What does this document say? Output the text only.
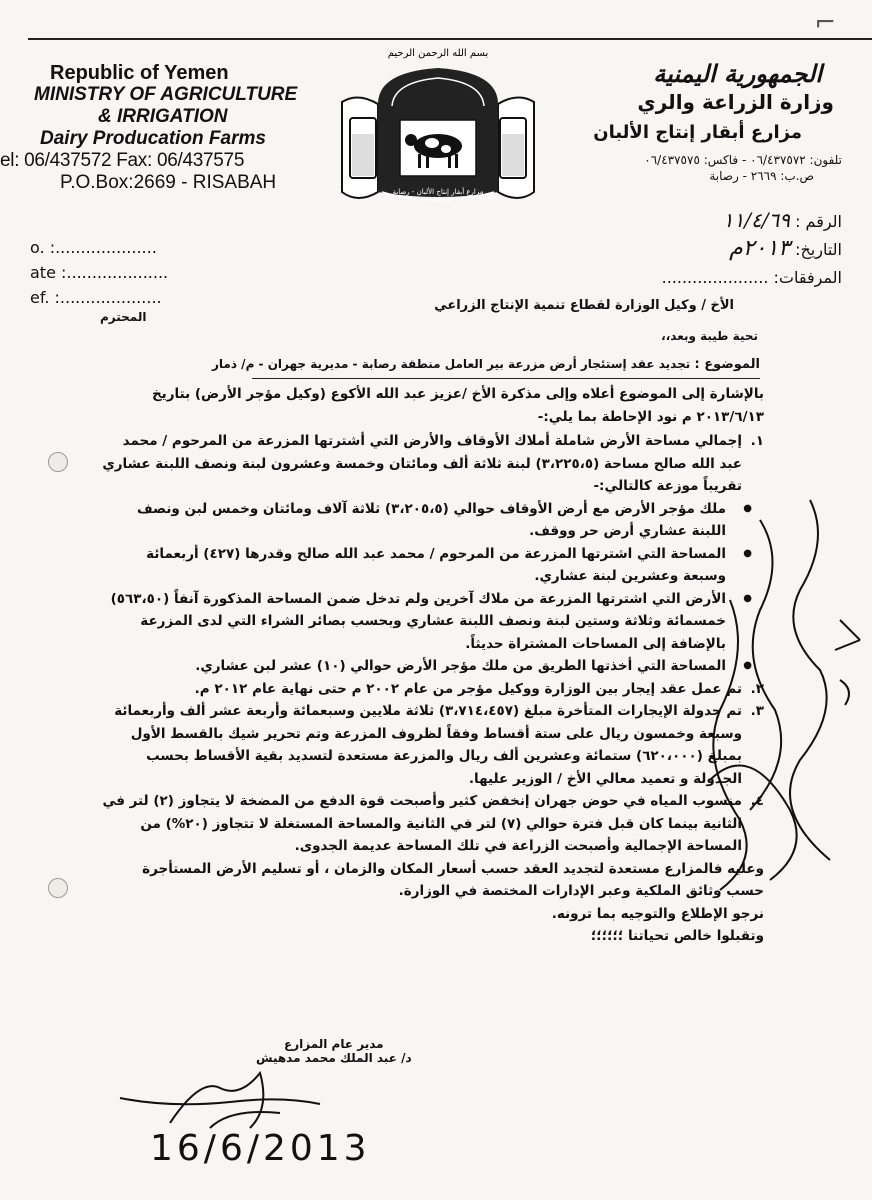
⌐
Republic of Yemen
MINISTRY OF AGRICULTURE
& IRRIGATION
Dairy Producation Farms
el: 06/437572 Fax: 06/437575
P.O.Box:2669 - RISABAH
بسم الله الرحمن الرحيم
مزارع أبقار إنتاج الألبان - رصابة
الجمهورية اليمنية
وزارة الزراعة والري
مزارع أبقار إنتاج الألبان
تلفون: ٠٦/٤٣٧٥٧٢ - فاكس: ٠٦/٤٣٧٥٧٥
ص.ب: ٢٦٦٩ - رصابة
o. :....................
ate :....................
ef. :....................
الرقم : ١١/٤/٦٩
التاريخ: ٢٠١٣م
المرفقات: .....................
الأخ / وكيل الوزارة لقطاع تنمية الإنتاج الزراعي
المحترم
تحية طيبة وبعد،،
الموضوع : تجديد عقد إستئجار أرض مزرعة بير العامل منطقة رصابة - مديرية جهران - م/ ذمار

بالإشارة إلى الموضوع أعلاه وإلى مذكرة الأخ /عزيز عبد الله الأكوع (وكيل مؤجر الأرض) بتاريخ ٢٠١٣/٦/١٣ م نود الإحاطة بما يلي:-

١.
إجمالي مساحة الأرض شاملة أملاك الأوقاف والأرض التي أشترتها المزرعة من المرحوم / محمد عبد الله صالح مساحة (٣،٢٢٥،٥) لبنة ثلاثة ألف ومائتان وخمسة وعشرون لبنة ونصف اللبنة عشاري تقريباً موزعة كالتالي:-
● ملك مؤجر الأرض مع أرض الأوقاف حوالي (٣،٢٠٥،٥) ثلاثة آلاف ومائتان وخمس لبن ونصف اللبنة عشاري أرض حر ووقف.
● المساحة التي اشترتها المزرعة من المرحوم / محمد عبد الله صالح وقدرها (٤٢٧) أربعمائة وسبعة وعشرين لبنة عشاري.
● الأرض التي اشترتها المزرعة من ملاك آخرين ولم تدخل ضمن المساحة المذكورة آنفاً (٥٦٣،٥٠) خمسمائة وثلاثة وستين لبنة ونصف اللبنة عشاري وبحسب بصائر الشراء التي لدى المزرعة بالإضافة إلى المساحات المشتراة حديثاً.
● المساحة التي أخذتها الطريق من ملك مؤجر الأرض حوالي (١٠) عشر لبن عشاري.
٢.
تم عمل عقد إيجار بين الوزارة ووكيل مؤجر من عام ٢٠٠٢ م حتى نهاية عام ٢٠١٢ م.
٣.
تم جدولة الإيجارات المتأخرة مبلغ (٣،٧١٤،٤٥٧) ثلاثة ملايين وسبعمائة وأربعة عشر ألف وأربعمائة وسبعة وخمسون ريال على ستة أقساط وفقاً لظروف المزرعة وتم تحرير شيك بالقسط الأول بمبلغ (٦٢٠،٠٠٠) ستمائة وعشرين ألف ريال والمزرعة مستعدة لتسديد بقية الأقساط بحسب الجدولة و تعميد معالي الأخ / الوزير عليها.
٤.
منسوب المياه في حوض جهران إنخفض كثير وأصبحت قوة الدفع من المضخة لا يتجاوز (٢) لتر في الثانية بينما كان قبل فترة حوالي (٧) لتر في الثانية والمساحة المستغلة لا تتجاوز (٢٠%) من المساحة الإجمالية وأصبحت الزراعة في تلك المساحة عديمة الجدوى.

وعليه فالمزارع مستعدة لتجديد العقد حسب أسعار المكان والزمان ، أو تسليم الأرض المستأجرة حسب وثائق الملكية وعبر الإدارات المختصة في الوزارة.

نرجو الإطلاع والتوجيه بما ترونه.

وتقبلوا خالص تحياتنا ؛؛؛؛؛؛

مدير عام المزارع
د/ عبد الملك محمد مدهيش
16/6/2013
